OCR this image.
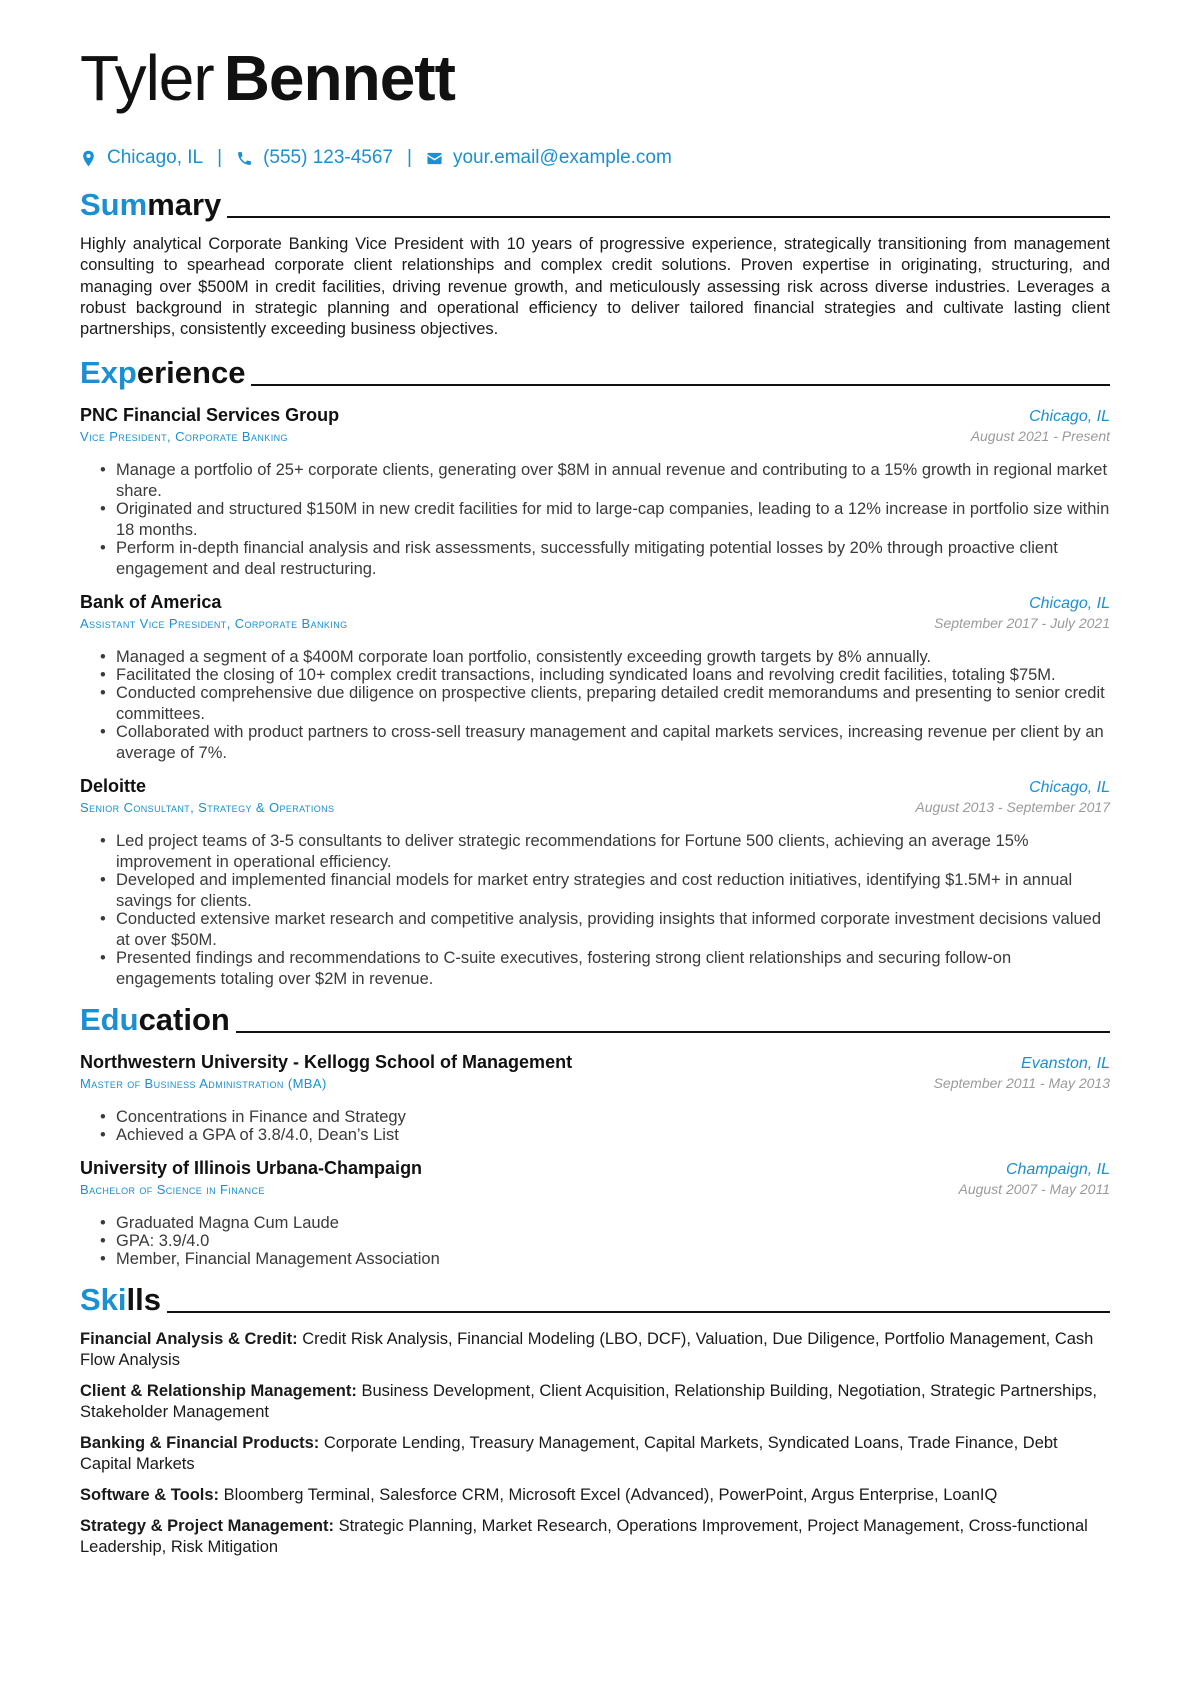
Tyler Bennett
Chicago, IL | (555) 123-4567 | your.email@example.com
Summary

Highly analytical Corporate Banking Vice President with 10 years of progressive experience, strategically transitioning from management consulting to spearhead corporate client relationships and complex credit solutions. Proven expertise in originating, structuring, and managing over $500M in credit facilities, driving revenue growth, and meticulously assessing risk across diverse industries. Leverages a robust background in strategic planning and operational efficiency to deliver tailored financial strategies and cultivate lasting client partnerships, consistently exceeding business objectives.

Experience
PNC Financial Services Group	Chicago, IL
Vice President, Corporate Banking	August 2021 - Present
• Manage a portfolio of 25+ corporate clients, generating over $8M in annual revenue and contributing to a 15% growth in regional market share.
• Originated and structured $150M in new credit facilities for mid to large-cap companies, leading to a 12% increase in portfolio size within 18 months.
• Perform in-depth financial analysis and risk assessments, successfully mitigating potential losses by 20% through proactive client engagement and deal restructuring.
Bank of America	Chicago, IL
Assistant Vice President, Corporate Banking	September 2017 - July 2021
• Managed a segment of a $400M corporate loan portfolio, consistently exceeding growth targets by 8% annually.
• Facilitated the closing of 10+ complex credit transactions, including syndicated loans and revolving credit facilities, totaling $75M.
• Conducted comprehensive due diligence on prospective clients, preparing detailed credit memorandums and presenting to senior credit committees.
• Collaborated with product partners to cross-sell treasury management and capital markets services, increasing revenue per client by an average of 7%.
Deloitte	Chicago, IL
Senior Consultant, Strategy & Operations	August 2013 - September 2017
• Led project teams of 3-5 consultants to deliver strategic recommendations for Fortune 500 clients, achieving an average 15% improvement in operational efficiency.
• Developed and implemented financial models for market entry strategies and cost reduction initiatives, identifying $1.5M+ in annual savings for clients.
• Conducted extensive market research and competitive analysis, providing insights that informed corporate investment decisions valued at over $50M.
• Presented findings and recommendations to C-suite executives, fostering strong client relationships and securing follow-on engagements totaling over $2M in revenue.
Education
Northwestern University - Kellogg School of Management	Evanston, IL
Master of Business Administration (MBA)	September 2011 - May 2013
• Concentrations in Finance and Strategy
• Achieved a GPA of 3.8/4.0, Dean’s List
University of Illinois Urbana-Champaign	Champaign, IL
Bachelor of Science in Finance	August 2007 - May 2011
• Graduated Magna Cum Laude
• GPA: 3.9/4.0
• Member, Financial Management Association
Skills

Financial Analysis & Credit: Credit Risk Analysis, Financial Modeling (LBO, DCF), Valuation, Due Diligence, Portfolio Management, Cash Flow Analysis

Client & Relationship Management: Business Development, Client Acquisition, Relationship Building, Negotiation, Strategic Partnerships, Stakeholder Management

Banking & Financial Products: Corporate Lending, Treasury Management, Capital Markets, Syndicated Loans, Trade Finance, Debt Capital Markets

Software & Tools: Bloomberg Terminal, Salesforce CRM, Microsoft Excel (Advanced), PowerPoint, Argus Enterprise, LoanIQ

Strategy & Project Management: Strategic Planning, Market Research, Operations Improvement, Project Management, Cross-functional Leadership, Risk Mitigation
